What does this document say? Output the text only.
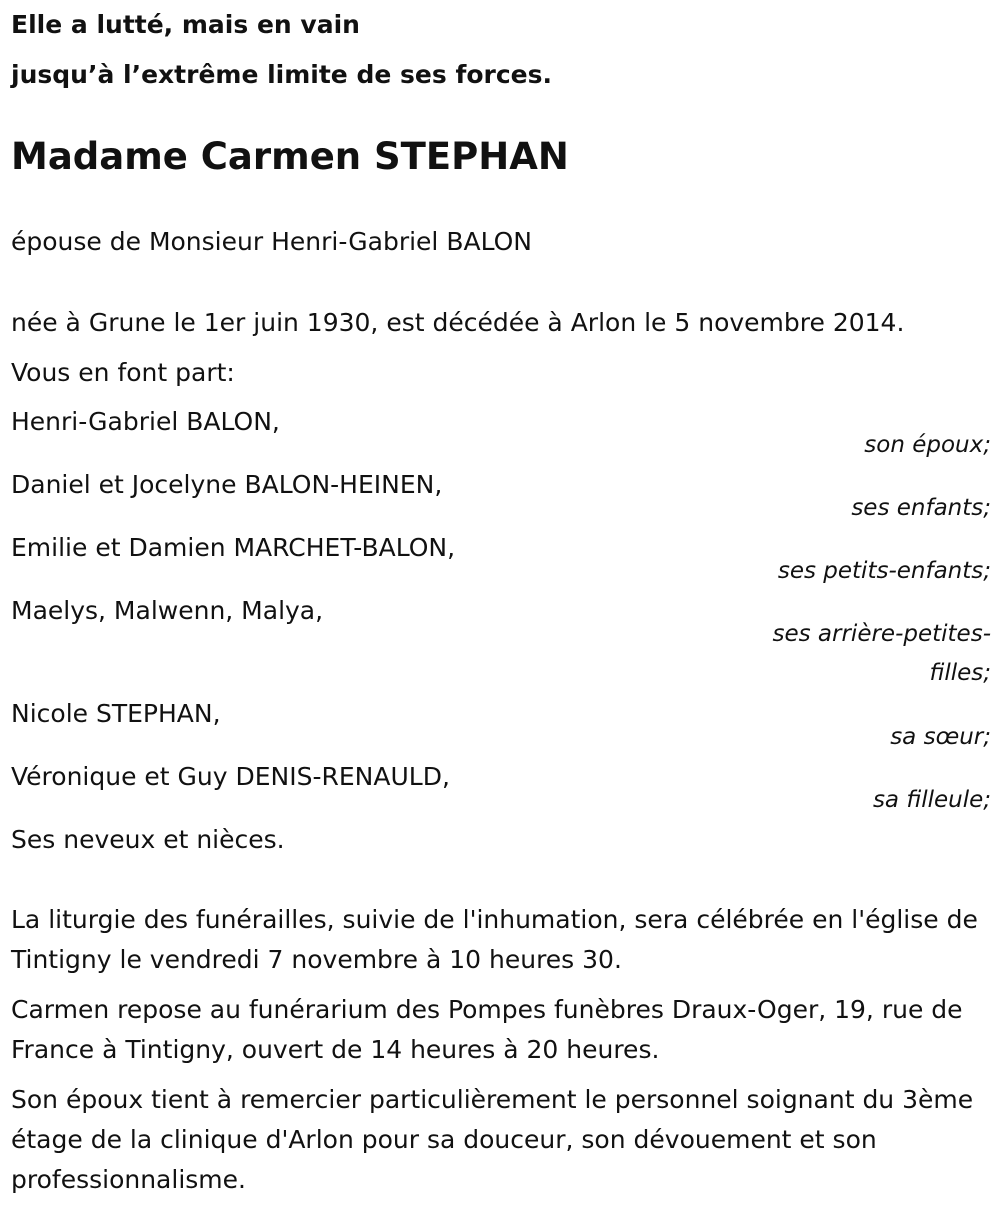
Elle a lutté, mais en vain
jusqu’à l’extrême limite de ses forces.

Madame Carmen STEPHAN

épouse de Monsieur Henri-Gabriel BALON

née à Grune le 1er juin 1930, est décédée à Arlon le 5 novembre 2014.

Vous en font part:

Henri-Gabriel BALON,
son époux;
Daniel et Jocelyne BALON-HEINEN,
ses enfants;
Emilie et Damien MARCHET-BALON,
ses petits-enfants;
Maelys, Malwenn, Malya,
ses arrière-petites-filles;
Nicole STEPHAN,
sa sœur;
Véronique et Guy DENIS-RENAULD,
sa filleule;
Ses neveux et nièces.

La liturgie des funérailles, suivie de l'inhumation, sera célébrée en l'église de Tintigny le vendredi 7 novembre à 10 heures 30.

Carmen repose au funérarium des Pompes funèbres Draux-Oger, 19, rue de France à Tintigny, ouvert de 14 heures à 20 heures.

Son époux tient à remercier particulièrement le personnel soignant du 3ème étage de la clinique d'Arlon pour sa douceur, son dévouement et son professionnalisme.
